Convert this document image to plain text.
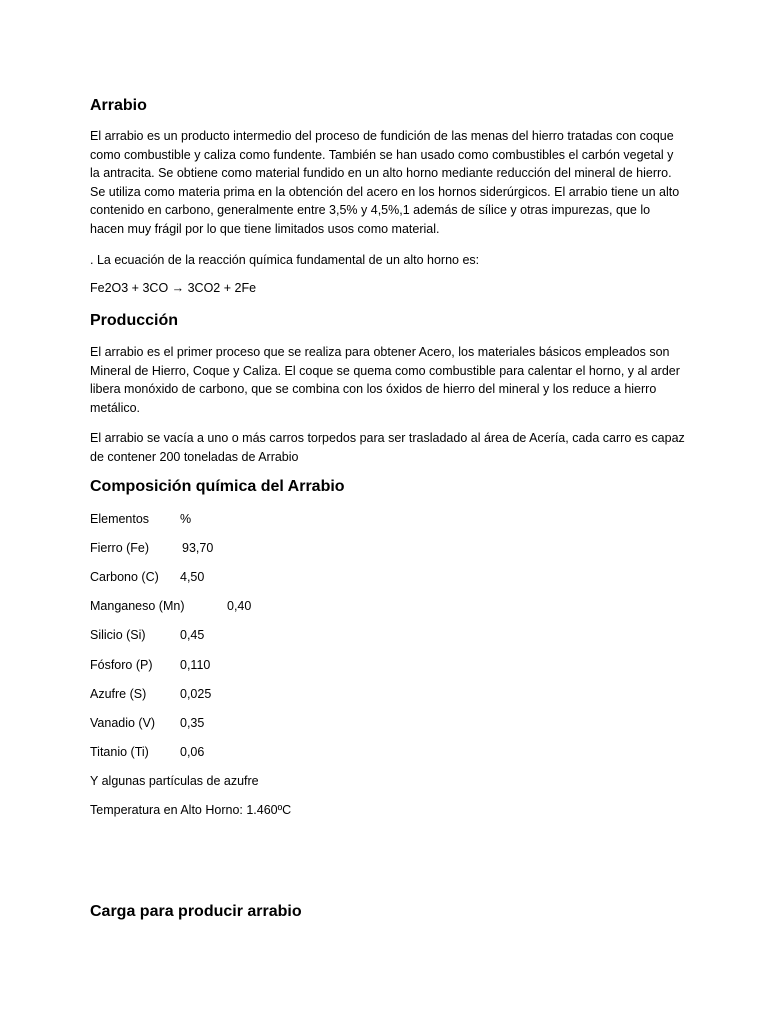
Arrabio

El arrabio es un producto intermedio del proceso de fundición de las menas del hierro tratadas con coque como combustible y caliza como fundente. También se han usado como combustibles el carbón vegetal y la antracita. Se obtiene como material fundido en un alto horno mediante reducción del mineral de hierro. Se utiliza como materia prima en la obtención del acero en los hornos siderúrgicos. El arrabio tiene un alto contenido en carbono, generalmente entre 3,5% y 4,5%,1 además de sílice y otras impurezas, que lo hacen muy frágil por lo que tiene limitados usos como material.

. La ecuación de la reacción química fundamental de un alto horno es:

Fe2O3 + 3CO → 3CO2 + 2Fe

Producción

El arrabio es el primer proceso que se realiza para obtener Acero, los materiales básicos empleados son Mineral de Hierro, Coque y Caliza. El coque se quema como combustible para calentar el horno, y al arder libera monóxido de carbono, que se combina con los óxidos de hierro del mineral y los reduce a hierro metálico.

El arrabio se vacía a uno o más carros torpedos para ser trasladado al área de Acería, cada carro es capaz de contener 200 toneladas de Arrabio

Composición química del Arrabio
Elementos %
Fierro (Fe)	93,70
Carbono (C) 4,50
Manganeso (Mn)	0,40
Silicio (Si)	0,45
Fósforo (P) 0,110
Azufre (S)	0,025
Vanadio (V) 0,35
Titanio (Ti) 0,06

Y algunas partículas de azufre

Temperatura en Alto Horno: 1.460ºC

Carga para producir arrabio
